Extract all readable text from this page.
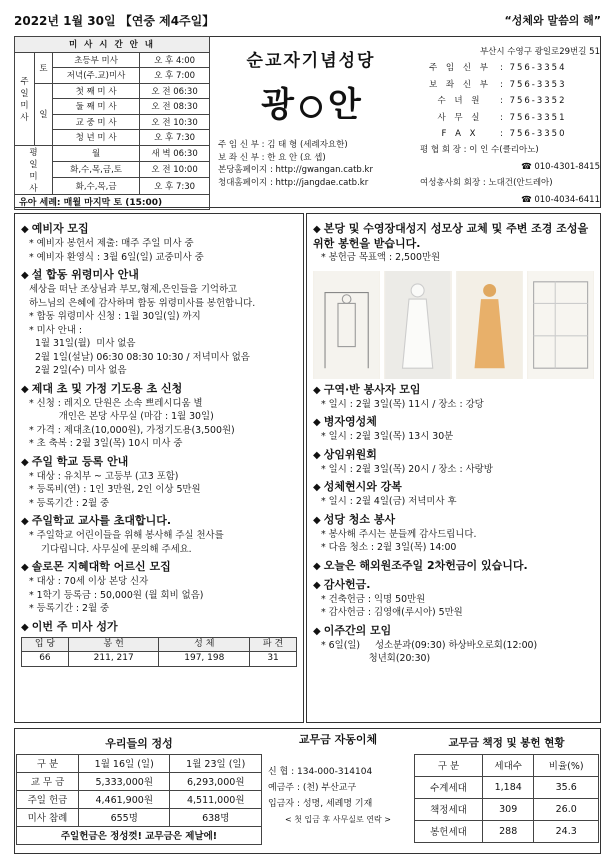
2022년 1월 30일 【연중 제4주일】	“성체와 말씀의 해”
미 사 시 간 안 내			
주
일
미
사	토	초등부 미사	오 후 4:00
		저녁(주.교)미사	오 후 7:00
	일	첫 째 미 사	오 전 06:30
		둘 째 미 사	오 전 08:30
		교 중 미 사	오 전 10:30
		청 년 미 사	오 후 7:30
평
일
미
사		월	새 벽 06:30
		화,수,목,금,토	오 전 10:00
		화,수,목,금	오 후 7:30
유아 세례: 매월 마지막 토 (15:00)			
순교자기념성당
광 안
주 임 신 부 : 김 태 형 (세례자요한)
보 좌 신 부 : 한 요 안 (요 셉)
본당홈페이지 : http://gwangan.catb.kr
청대홈페이지 : http://jangdae.catb.kr
부산시 수영구 광일로29번길 51
주 임 신 부	: 756-3354
보 좌 신 부	: 756-3353
수 녀 원	: 756-3352
사 무 실	: 756-3351
F A X	: 756-3350
평 협 회 장 : 이 인 수(클리아노)
☎ 010-4301-8415
여성총사회 회장 : 노대건(안드레아)
☎ 010-4034-6411
◆ 예비자 모집
* 예비자 봉헌서 제출: 매주 주일 미사 중
* 예비자 환영식 : 3월 6일(일) 교중미사 중
◆ 설 합동 위령미사 안내
세상을 떠난 조상님과 부모,형제,은인들을 기억하고
하느님의 은혜에 감사하며 합동 위령미사를 봉헌합니다.
* 합동 위령미사 신청 : 1월 30일(일) 까지
* 미사 안내 :
1월 31일(월)  미사 없음
2월 1일(설날) 06:30 08:30 10:30 / 저녁미사 없음
2월 2일(수) 미사 없음
◆ 제대 초 및 가정 기도용 초 신청
* 신청 : 레지오 단원은 소속 쁘레시디움 별
개인은 본당 사무실 (마감 : 1월 30일)
* 가격 : 제대초(10,000원), 가정기도용(3,500원)
* 초 축복 : 2월 3일(목) 10시 미사 중
◆ 주일 학교 등록 안내
* 대상 : 유치부 ~ 고등부 (고3 포함)
* 등록비(연) : 1인 3만원, 2인 이상 5만원
* 등록기간 : 2월 중
◆ 주일학교 교사를 초대합니다.
* 주일학교 어린이들을 위해 봉사해 주실 천사를
기다립니다. 사무실에 문의해 주세요.
◆ 솔로몬 지혜대학 어르신 모집
* 대상 : 70세 이상 본당 신자
* 1학기 등록금 : 50,000원 (월 회비 없음)
* 등록기간 : 2월 중
◆ 이번 주 미사 성가
입 당	봉 헌	성 체	파 견
66	211, 217	197, 198	31
◆ 본당 및 수영장대성지 성모상 교체 및 주변 조경 조성을 위한 봉헌을 받습니다.
* 봉헌금 목표액 : 2,500만원
◆ 구역·반 봉사자 모임
* 일시 : 2월 3일(목) 11시 / 장소 : 강당
◆ 병자영성체
* 일시 : 2월 3일(목) 13시 30분
◆ 상임위원회
* 일시 : 2월 3일(목) 20시 / 장소 : 사랑방
◆ 성체현시와 강복
* 일시 : 2월 4일(금) 저녁미사 후
◆ 성당 청소 봉사
* 봉사해 주시는 분들께 감사드립니다.
* 다음 청소 : 2월 3일(목) 14:00
◆ 오늘은 해외원조주일 2차헌금이 있습니다.
◆ 감사헌금.
* 건축헌금 : 익명 50만원
* 감사헌금 : 김영애(루시아) 5만원
◆ 이주간의 모임
* 6일(일)     성소분과(09:30) 하상바오로회(12:00)
청년회(20:30)
우리들의 정성		
구 분	1월 16일 (일)	1월 23일 (일)
교 무 금	5,333,000원	6,293,000원
주일 헌금	4,461,900원	4,511,000원
미사 참례	655명	638명
주일헌금은 정성껏! 교무금은 제날에!		
교무금 자동이체
신 협 : 134-000-314104
예금주 : (천) 부산교구
입금자 : 성명, 세례명 기재
< 첫 입금 후 사무실로 연락 >
교무금 책정 및 봉헌 현황		
구 분	세대수	비율(%)
수계세대	1,184	35.6
책정세대	309	26.0
봉헌세대	288	24.3
